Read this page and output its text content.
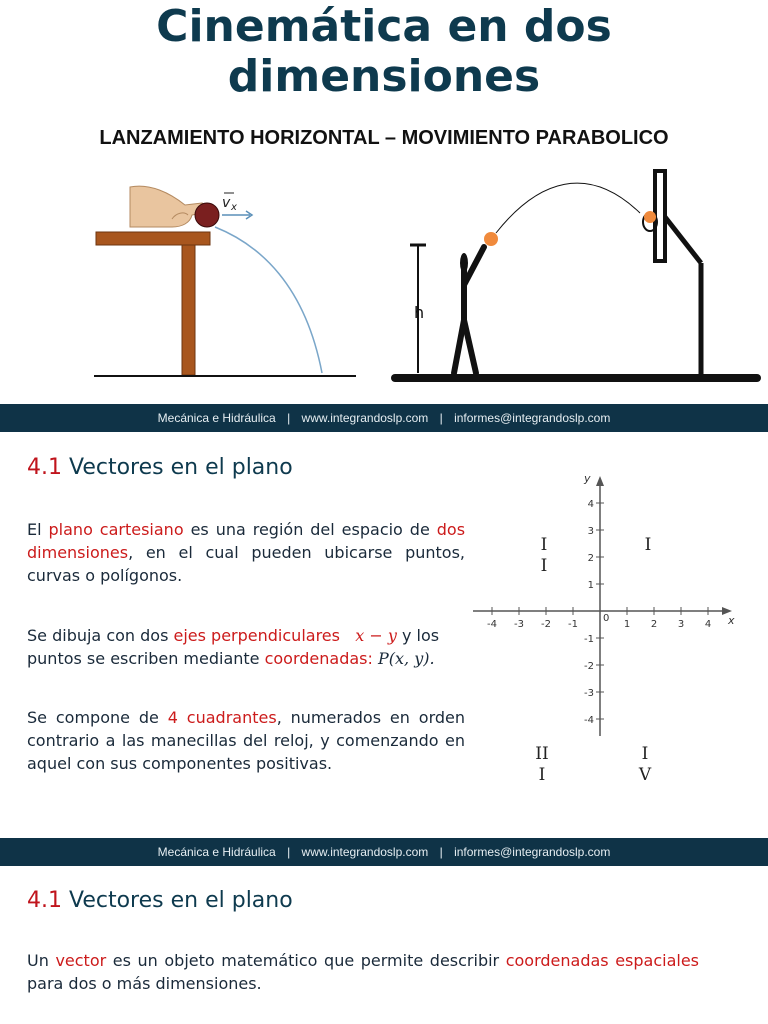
Cinemática en dos dimensiones
LANZAMIENTO HORIZONTAL – MOVIMIENTO PARABOLICO
v x
h
Mecánica e Hidráulica | www.integrandoslp.com | informes@integrandoslp.com
4.1 Vectores en el plano
El plano cartesiano es una región del espacio de dos dimensiones, en el cual pueden ubicarse puntos, curvas o polígonos.
Se dibuja con dos ejes perpendiculares x − y y los puntos se escriben mediante coordenadas: P(x, y).
Se compone de 4 cuadrantes, numerados en orden contrario a las manecillas del reloj, y comenzando en aquel con sus componentes positivas.
x
y
-4 -3 -2 -1
0
1 2 3 4
4
3
2
1
-1
-2
-3
-4
I
I
I
II
I
I
V
Mecánica e Hidráulica | www.integrandoslp.com | informes@integrandoslp.com
4.1 Vectores en el plano
Un vector es un objeto matemático que permite describir coordenadas espaciales para dos o más dimensiones.
